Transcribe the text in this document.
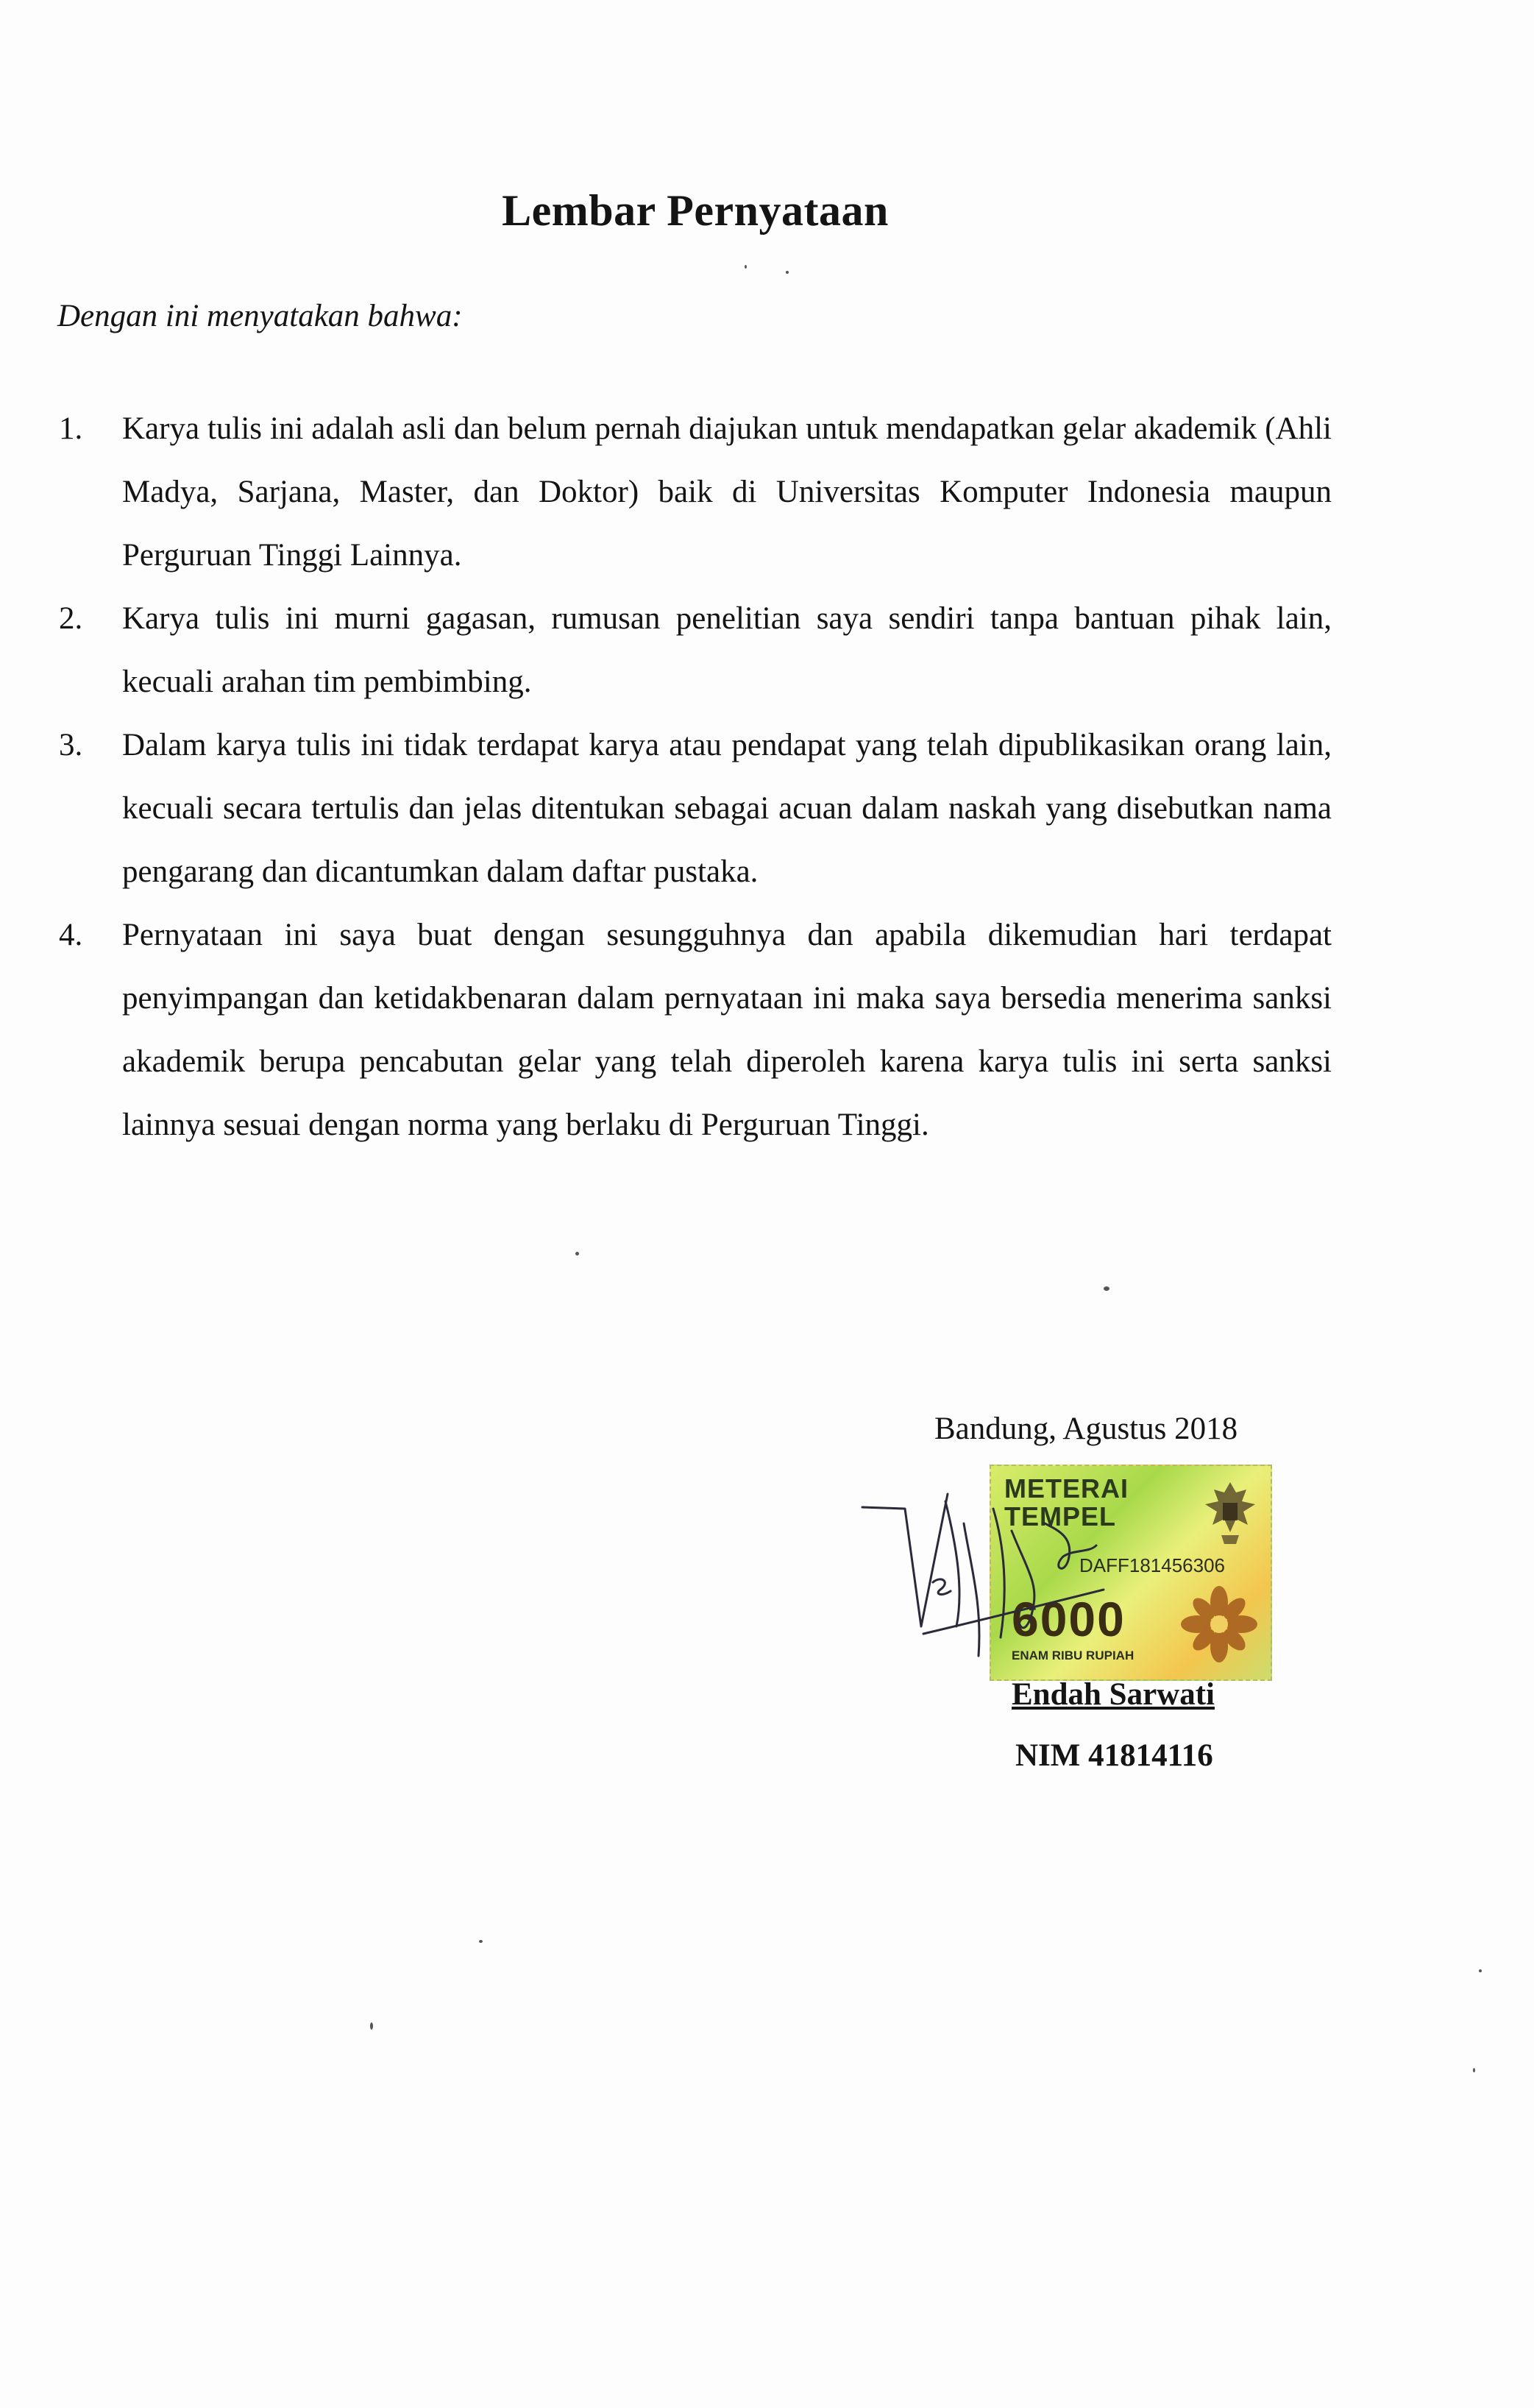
Lembar Pernyataan
Dengan ini menyatakan bahwa:
1.	Karya tulis ini adalah asli dan belum pernah diajukan untuk mendapatkan gelar akademik (Ahli Madya, Sarjana, Master, dan Doktor) baik di Universitas Komputer Indonesia maupun Perguruan Tinggi Lainnya.
2.	Karya tulis ini murni gagasan, rumusan penelitian saya sendiri tanpa bantuan pihak lain, kecuali arahan tim pembimbing.
3.	Dalam karya tulis ini tidak terdapat karya atau pendapat yang telah dipublikasikan orang lain, kecuali secara tertulis dan jelas ditentukan sebagai acuan dalam naskah yang disebutkan nama pengarang dan dicantumkan dalam daftar pustaka.
4.	Pernyataan ini saya buat dengan sesungguhnya dan apabila dikemudian hari terdapat penyimpangan dan ketidakbenaran dalam pernyataan ini maka saya bersedia menerima sanksi akademik berupa pencabutan gelar yang telah diperoleh karena karya tulis ini serta sanksi lainnya sesuai dengan norma yang berlaku di Perguruan Tinggi.
Bandung, Agustus 2018
METERAI
TEMPEL
DAFF181456306
6000
ENAM RIBU RUPIAH
Endah Sarwati
NIM 41814116
